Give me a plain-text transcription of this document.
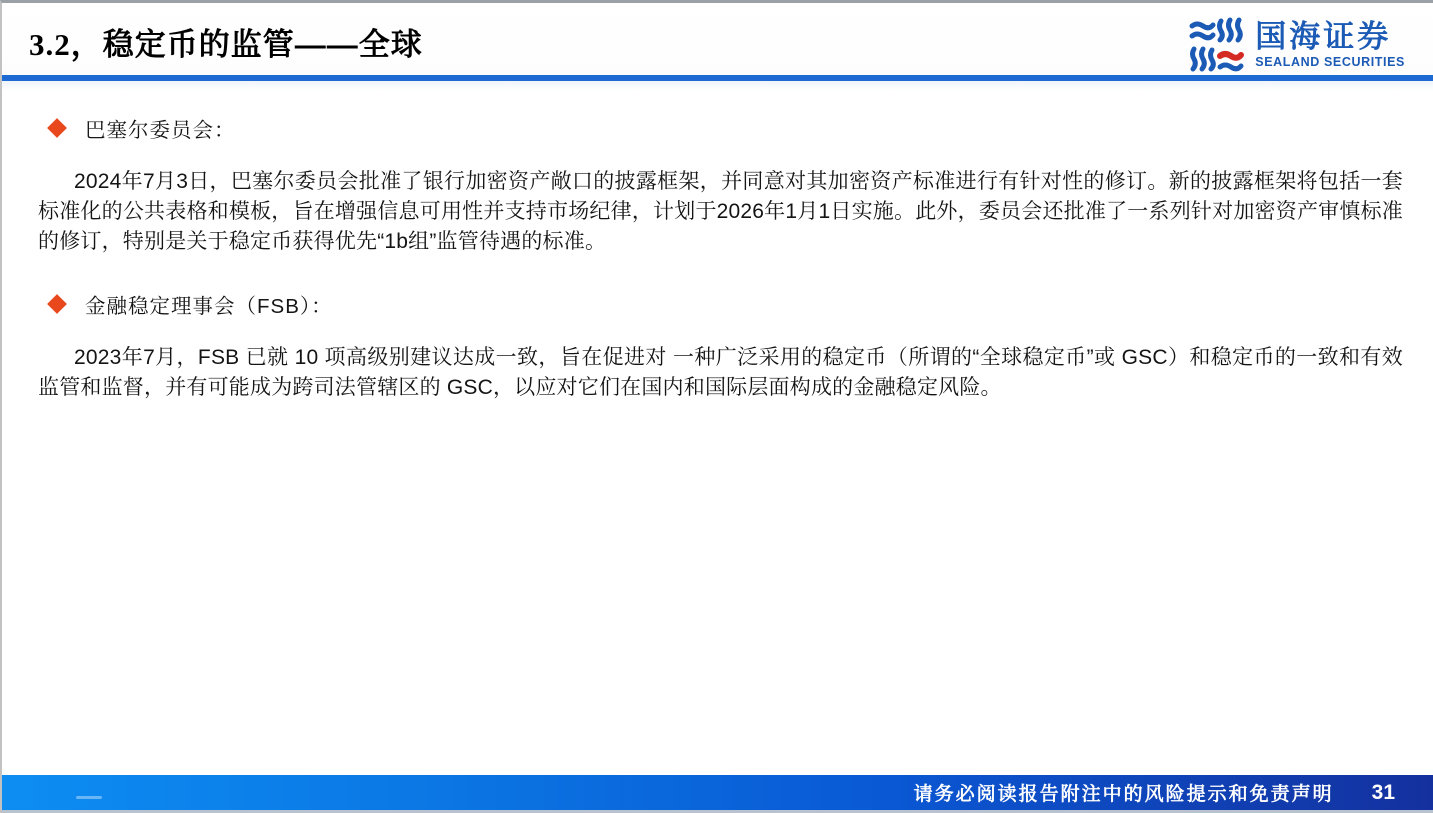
3.2，稳定币的监管——全球	国海证券
SEALAND SECURITIES
巴塞尔委员会：

2024年7月3日，巴塞尔委员会批准了银行加密资产敞口的披露框架，并同意对其加密资产标准进行有针对性的修订。新的披露框架将包括一套标准化的公共表格和模板，旨在增强信息可用性并支持市场纪律，计划于2026年1月1日实施。此外，委员会还批准了一系列针对加密资产审慎标准的修订，特别是关于稳定币获得优先“1b组”监管待遇的标准。

金融稳定理事会（FSB）：

2023年7月，FSB 已就 10 项高级别建议达成一致，旨在促进对 一种广泛采用的稳定币（所谓的“全球稳定币”或 GSC）和稳定币的一致和有效监管和监督，并有可能成为跨司法管辖区的 GSC，以应对它们在国内和国际层面构成的金融稳定风险。

请务必阅读报告附注中的风险提示和免责声明 31
